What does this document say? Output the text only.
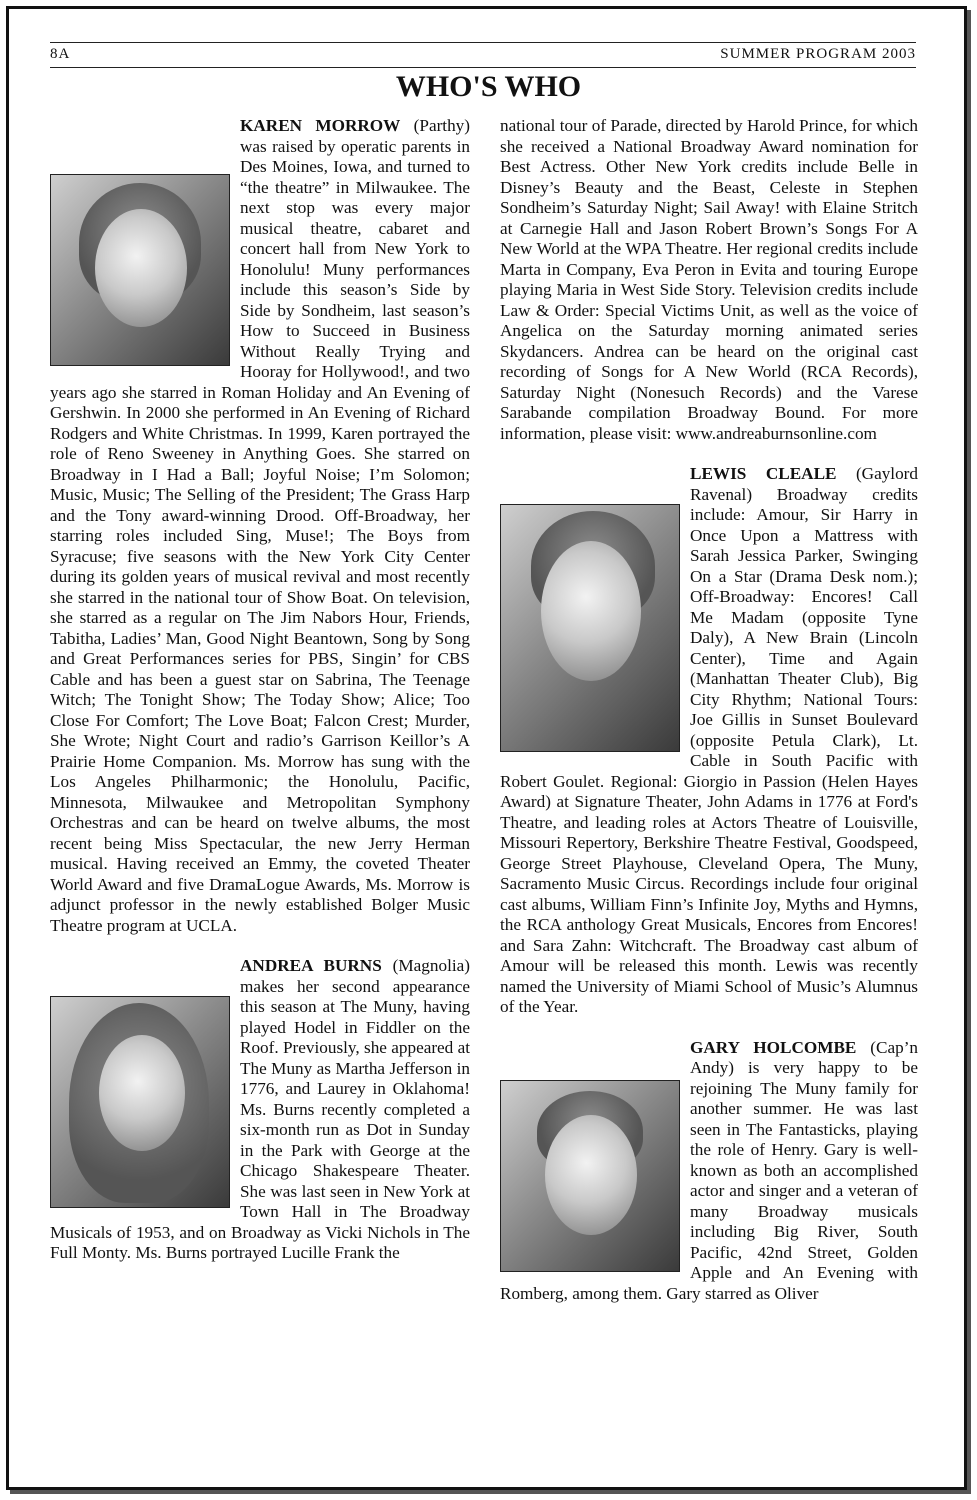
8A	SUMMER PROGRAM 2003
WHO'S WHO

KAREN MORROW (Parthy) was raised by operatic parents in Des Moines, Iowa, and turned to “the theatre” in Milwaukee. The next stop was every major musical theatre, cabaret and concert hall from New York to Honolulu! Muny performances include this season’s Side by Side by Sondheim, last season’s How to Succeed in Business Without Really Trying and Hooray for Hollywood!, and two years ago she starred in Roman Holiday and An Evening of Gershwin. In 2000 she performed in An Evening of Richard Rodgers and White Christmas. In 1999, Karen portrayed the role of Reno Sweeney in Anything Goes. She starred on Broadway in I Had a Ball; Joyful Noise; I’m Solomon; Music, Music; The Selling of the President; The Grass Harp and the Tony award-winning Drood. Off-Broadway, her starring roles included Sing, Muse!; The Boys from Syracuse; five seasons with the New York City Center during its golden years of musical revival and most recently she starred in the national tour of Show Boat. On television, she starred as a regular on The Jim Nabors Hour, Friends, Tabitha, Ladies’ Man, Good Night Beantown, Song by Song and Great Performances series for PBS, Singin’ for CBS Cable and has been a guest star on Sabrina, The Teenage Witch; The Tonight Show; The Today Show; Alice; Too Close For Comfort; The Love Boat; Falcon Crest; Murder, She Wrote; Night Court and radio’s Garrison Keillor’s A Prairie Home Companion. Ms. Morrow has sung with the Los Angeles Philharmonic; the Honolulu, Pacific, Minnesota, Milwaukee and Metropolitan Symphony Orchestras and can be heard on twelve albums, the most recent being Miss Spectacular, the new Jerry Herman musical. Having received an Emmy, the coveted Theater World Award and five DramaLogue Awards, Ms. Morrow is adjunct professor in the newly established Bolger Music Theatre program at UCLA.

ANDREA BURNS (Magnolia) makes her second appearance this season at The Muny, having played Hodel in Fiddler on the Roof. Previously, she appeared at The Muny as Martha Jefferson in 1776, and Laurey in Oklahoma! Ms. Burns recently completed a six-month run as Dot in Sunday in the Park with George at the Chicago Shakespeare Theater. She was last seen in New York at Town Hall in The Broadway Musicals of 1953, and on Broadway as Vicki Nichols in The Full Monty. Ms. Burns portrayed Lucille Frank the

national tour of Parade, directed by Harold Prince, for which she received a National Broadway Award nomination for Best Actress. Other New York credits include Belle in Disney’s Beauty and the Beast, Celeste in Stephen Sondheim’s Saturday Night; Sail Away! with Elaine Stritch at Carnegie Hall and Jason Robert Brown’s Songs For A New World at the WPA Theatre. Her regional credits include Marta in Company, Eva Peron in Evita and touring Europe playing Maria in West Side Story. Television credits include Law & Order: Special Victims Unit, as well as the voice of Angelica on the Saturday morning animated series Skydancers. Andrea can be heard on the original cast recording of Songs for A New World (RCA Records), Saturday Night (Nonesuch Records) and the Varese Sarabande compilation Broadway Bound. For more information, please visit: www.andreaburnsonline.com

LEWIS CLEALE (Gaylord Ravenal) Broadway credits include: Amour, Sir Harry in Once Upon a Mattress with Sarah Jessica Parker, Swinging On a Star (Drama Desk nom.); Off-Broadway: Encores! Call Me Madam (opposite Tyne Daly), A New Brain (Lincoln Center), Time and Again (Manhattan Theater Club), Big City Rhythm; National Tours: Joe Gillis in Sunset Boulevard (opposite Petula Clark), Lt. Cable in South Pacific with Robert Goulet. Regional: Giorgio in Passion (Helen Hayes Award) at Signature Theater, John Adams in 1776 at Ford's Theatre, and leading roles at Actors Theatre of Louisville, Missouri Repertory, Berkshire Theatre Festival, Goodspeed, George Street Playhouse, Cleveland Opera, The Muny, Sacramento Music Circus. Recordings include four original cast albums, William Finn’s Infinite Joy, Myths and Hymns, the RCA anthology Great Musicals, Encores from Encores! and Sara Zahn: Witchcraft. The Broadway cast album of Amour will be released this month. Lewis was recently named the University of Miami School of Music’s Alumnus of the Year.

GARY HOLCOMBE (Cap’n Andy) is very happy to be rejoining The Muny family for another summer. He was last seen in The Fantasticks, playing the role of Henry. Gary is well-known as both an accomplished actor and singer and a veteran of many Broadway musicals including Big River, South Pacific, 42nd Street, Golden Apple and An Evening with Romberg, among them. Gary starred as Oliver
